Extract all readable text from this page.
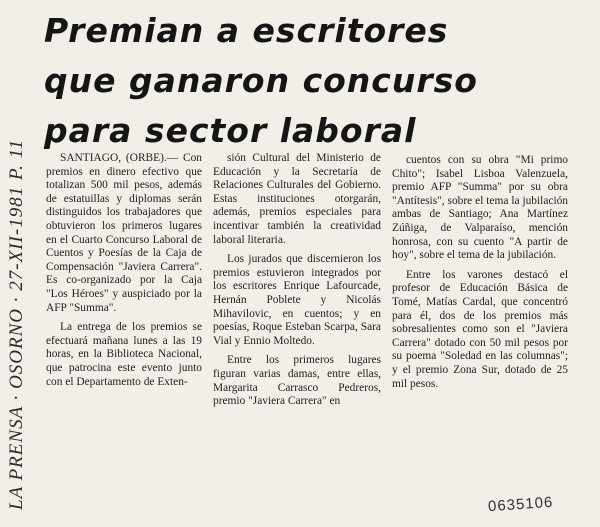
LA PRENSA · OSORNO · 27-XII-1981 P. 11
Premian a escritores
que ganaron concurso
para sector laboral

SANTIAGO, (ORBE).— Con premios en dinero efectivo que totalizan 500 mil pesos, además de estatuillas y diplomas serán distinguidos los trabajadores que obtuvieron los primeros lugares en el Cuarto Concurso Laboral de Cuentos y Poesías de la Caja de Compensación "Javiera Carrera". Es co-organizado por la Caja "Los Héroes" y auspiciado por la AFP "Summa".

La entrega de los premios se efectuará mañana lunes a las 19 horas, en la Biblioteca Nacional, que patrocina este evento junto con el Departamento de Exten-

sión Cultural del Ministerio de Educación y la Secretaría de Relaciones Culturales del Gobierno. Estas instituciones otorgarán, además, premios especiales para incentivar también la creatividad laboral literaria.

Los jurados que discernieron los premios estuvieron integrados por los escritores Enrique Lafourcade, Hernán Poblete y Nicolás Mihavilovic, en cuentos; y en poesías, Roque Esteban Scarpa, Sara Vial y Ennio Moltedo.

Entre los primeros lugares figuran varias damas, entre ellas, Margarita Carrasco Pedreros, premio "Javiera Carrera" en

cuentos con su obra "Mi primo Chito"; Isabel Lisboa Valenzuela, premio AFP "Summa" por su obra "Antítesis", sobre el tema la jubilación ambas de Santiago; Ana Martínez Zúñiga, de Valparaíso, mención honrosa, con su cuento "A partir de hoy", sobre el tema de la jubilación.

Entre los varones destacó el profesor de Educación Básica de Tomé, Matías Cardal, que concentró para él, dos de los premios más sobresalientes como son el "Javiera Carrera" dotado con 50 mil pesos por su poema "Soledad en las columnas"; y el premio Zona Sur, dotado de 25 mil pesos.

0635106
